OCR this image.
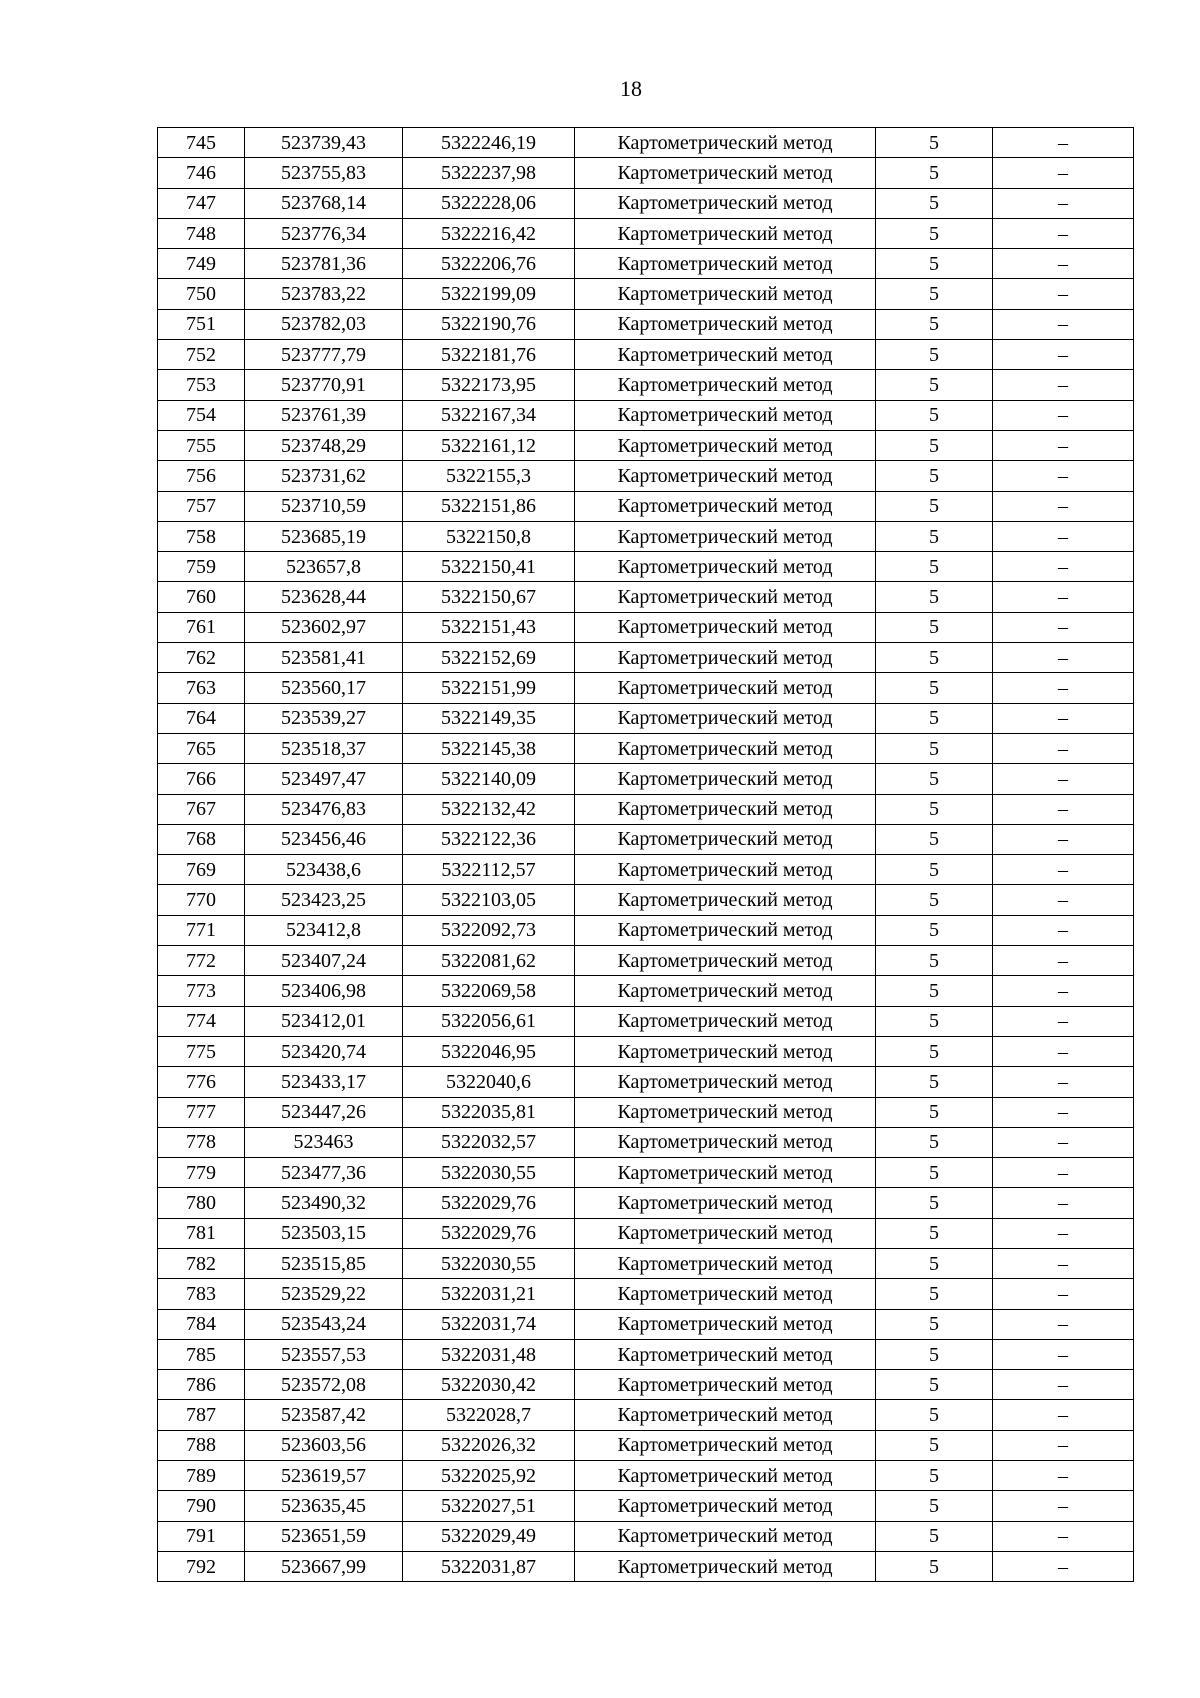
18
745	523739,43	5322246,19	Картометрический метод	5	–
746	523755,83	5322237,98	Картометрический метод	5	–
747	523768,14	5322228,06	Картометрический метод	5	–
748	523776,34	5322216,42	Картометрический метод	5	–
749	523781,36	5322206,76	Картометрический метод	5	–
750	523783,22	5322199,09	Картометрический метод	5	–
751	523782,03	5322190,76	Картометрический метод	5	–
752	523777,79	5322181,76	Картометрический метод	5	–
753	523770,91	5322173,95	Картометрический метод	5	–
754	523761,39	5322167,34	Картометрический метод	5	–
755	523748,29	5322161,12	Картометрический метод	5	–
756	523731,62	5322155,3	Картометрический метод	5	–
757	523710,59	5322151,86	Картометрический метод	5	–
758	523685,19	5322150,8	Картометрический метод	5	–
759	523657,8	5322150,41	Картометрический метод	5	–
760	523628,44	5322150,67	Картометрический метод	5	–
761	523602,97	5322151,43	Картометрический метод	5	–
762	523581,41	5322152,69	Картометрический метод	5	–
763	523560,17	5322151,99	Картометрический метод	5	–
764	523539,27	5322149,35	Картометрический метод	5	–
765	523518,37	5322145,38	Картометрический метод	5	–
766	523497,47	5322140,09	Картометрический метод	5	–
767	523476,83	5322132,42	Картометрический метод	5	–
768	523456,46	5322122,36	Картометрический метод	5	–
769	523438,6	5322112,57	Картометрический метод	5	–
770	523423,25	5322103,05	Картометрический метод	5	–
771	523412,8	5322092,73	Картометрический метод	5	–
772	523407,24	5322081,62	Картометрический метод	5	–
773	523406,98	5322069,58	Картометрический метод	5	–
774	523412,01	5322056,61	Картометрический метод	5	–
775	523420,74	5322046,95	Картометрический метод	5	–
776	523433,17	5322040,6	Картометрический метод	5	–
777	523447,26	5322035,81	Картометрический метод	5	–
778	523463	5322032,57	Картометрический метод	5	–
779	523477,36	5322030,55	Картометрический метод	5	–
780	523490,32	5322029,76	Картометрический метод	5	–
781	523503,15	5322029,76	Картометрический метод	5	–
782	523515,85	5322030,55	Картометрический метод	5	–
783	523529,22	5322031,21	Картометрический метод	5	–
784	523543,24	5322031,74	Картометрический метод	5	–
785	523557,53	5322031,48	Картометрический метод	5	–
786	523572,08	5322030,42	Картометрический метод	5	–
787	523587,42	5322028,7	Картометрический метод	5	–
788	523603,56	5322026,32	Картометрический метод	5	–
789	523619,57	5322025,92	Картометрический метод	5	–
790	523635,45	5322027,51	Картометрический метод	5	–
791	523651,59	5322029,49	Картометрический метод	5	–
792	523667,99	5322031,87	Картометрический метод	5	–
